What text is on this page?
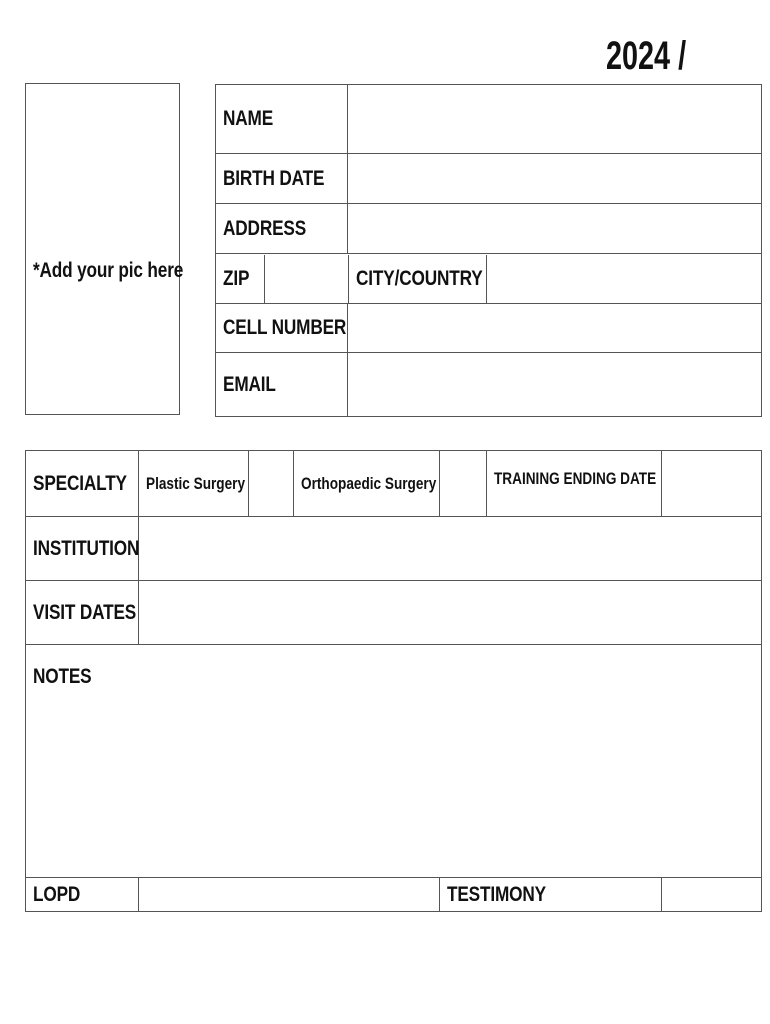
2024 /
*Add your pic here
NAME

BIRTH DATE

ADDRESS

ZIP		CITY/COUNTRY

CELL NUMBER

EMAIL

SPECIALTY	Plastic Surgery		Orthopaedic Surgery		TRAINING ENDING DATE	

INSTITUTION						

VISIT DATES						

NOTES						

LOPD				TESTIMONY		
